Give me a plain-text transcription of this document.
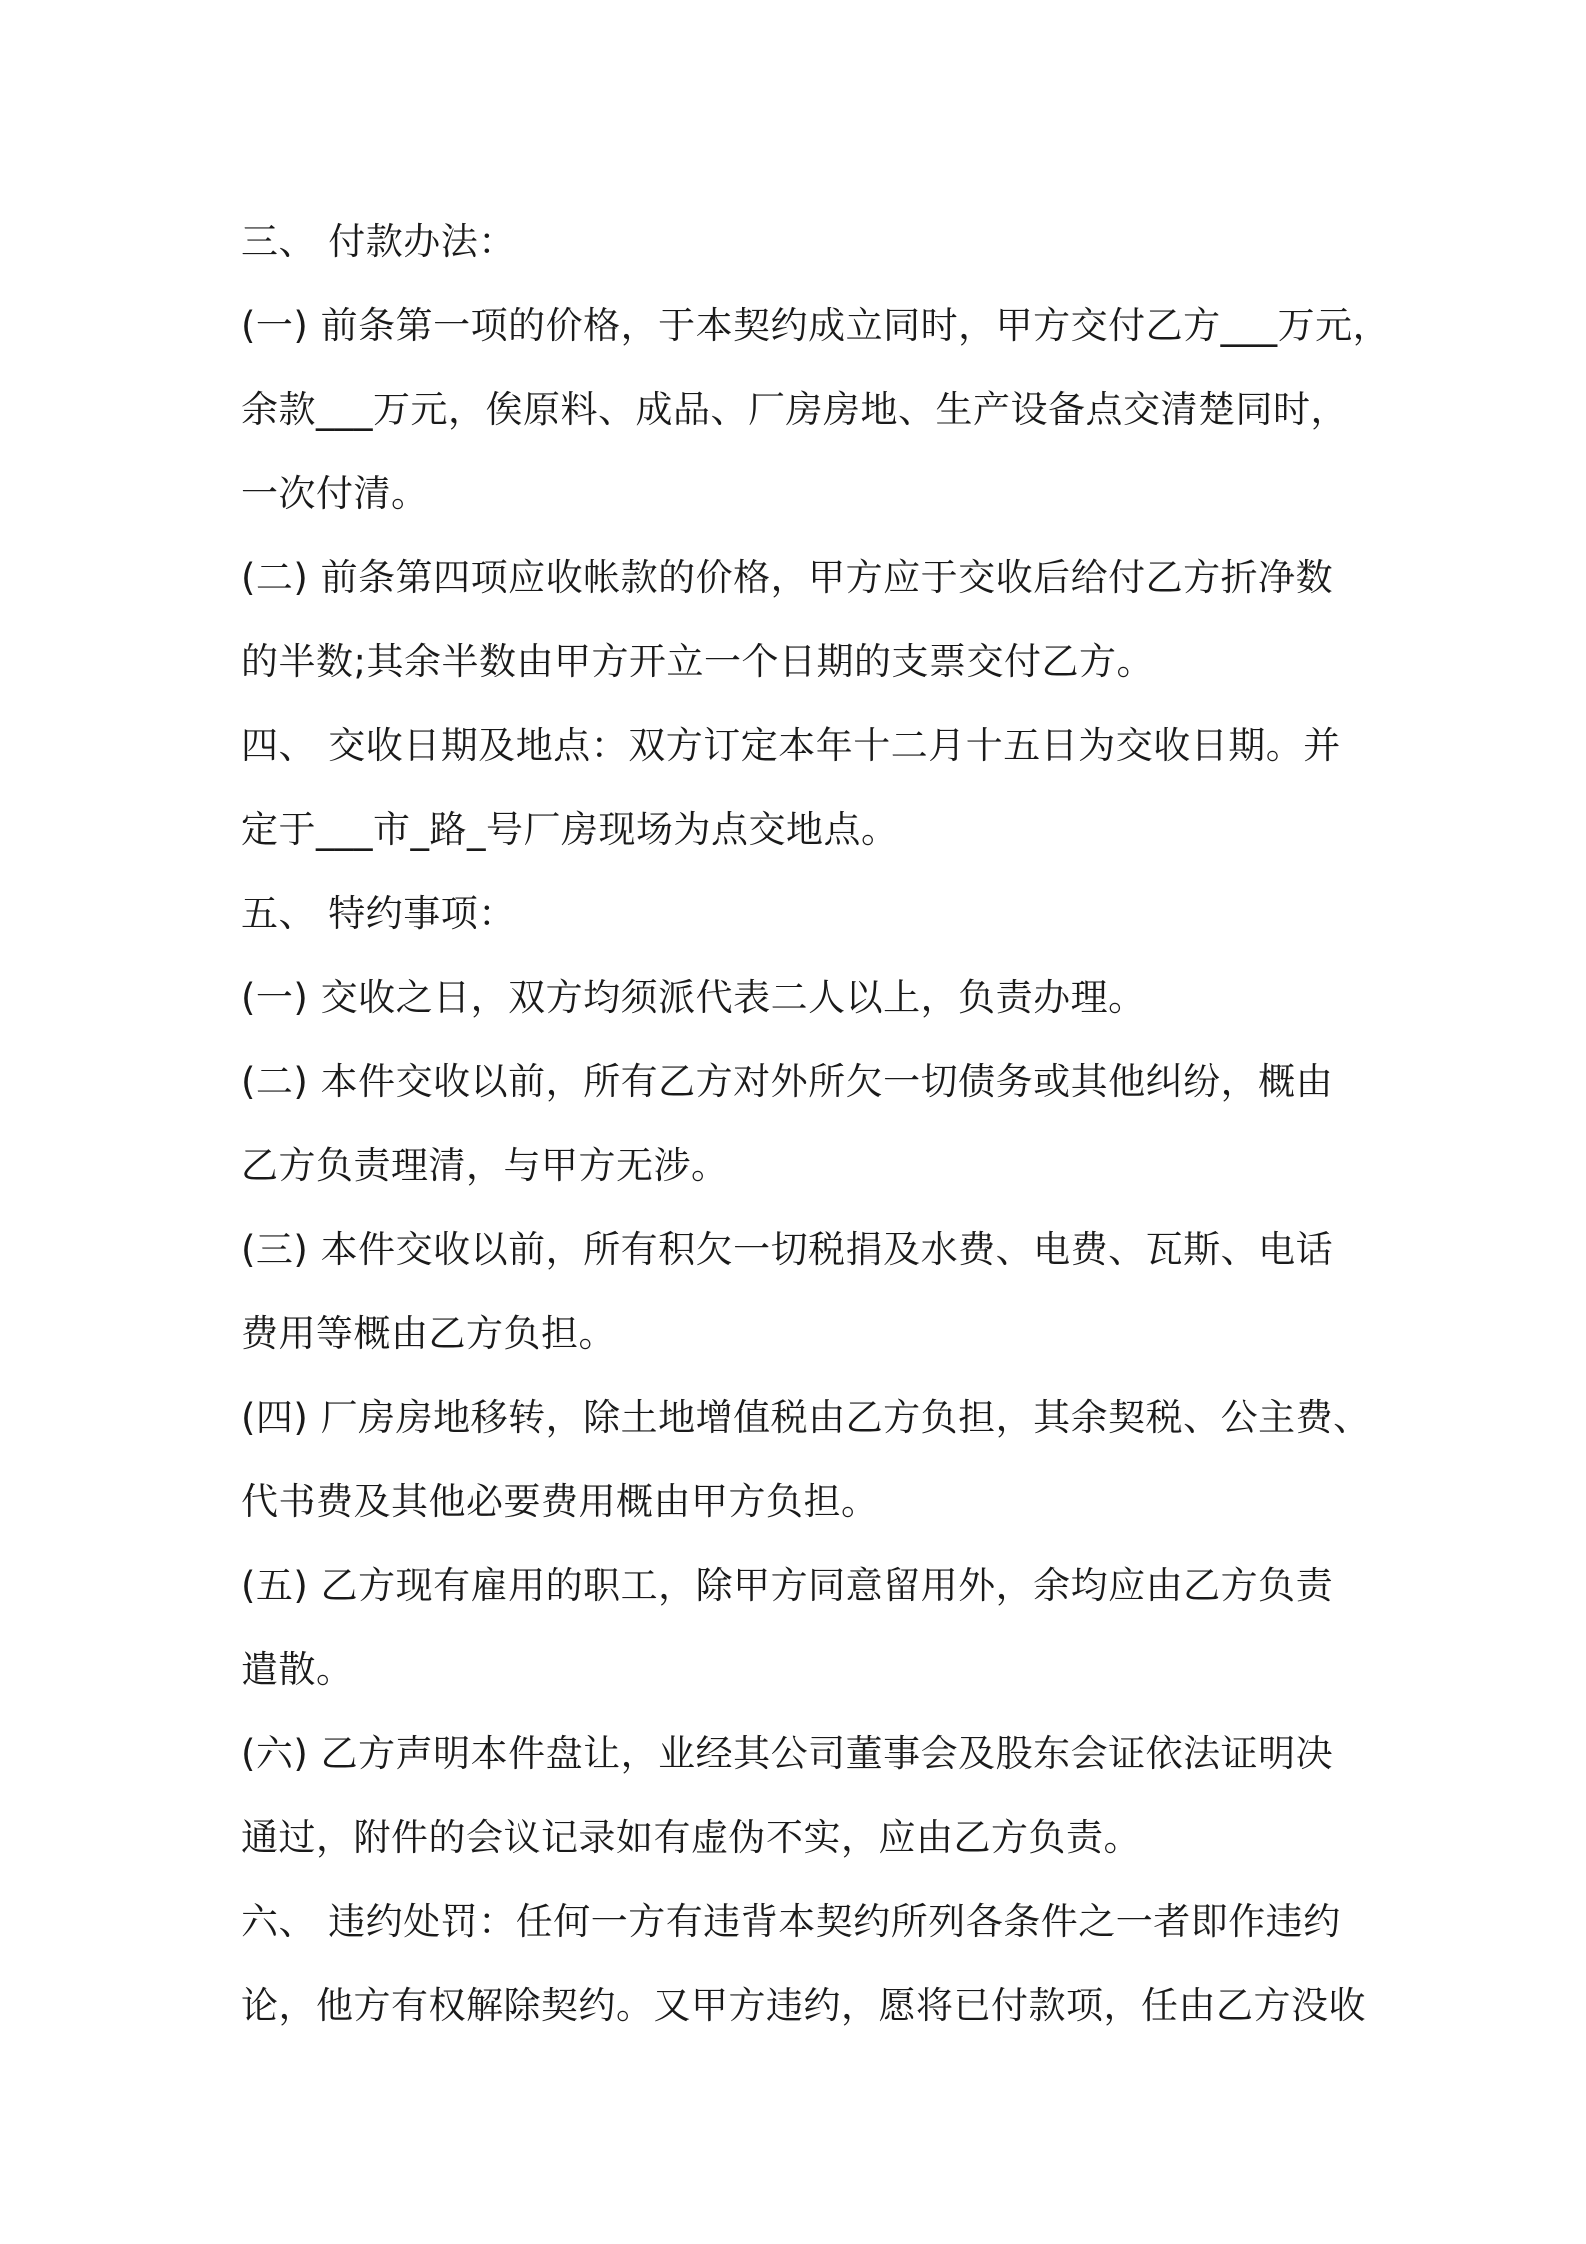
三、 付款办法：
(一) 前条第一项的价格，于本契约成立同时，甲方交付乙方___万元，
余款___万元，俟原料、成品、厂房房地、生产设备点交清楚同时，
一次付清。
(二) 前条第四项应收帐款的价格，甲方应于交收后给付乙方折净数
的半数;其余半数由甲方开立一个日期的支票交付乙方。
四、 交收日期及地点：双方订定本年十二月十五日为交收日期。并
定于___市_路_号厂房现场为点交地点。
五、 特约事项：
(一) 交收之日，双方均须派代表二人以上，负责办理。
(二) 本件交收以前，所有乙方对外所欠一切债务或其他纠纷，概由
乙方负责理清，与甲方无涉。
(三) 本件交收以前，所有积欠一切税捐及水费、电费、瓦斯、电话
费用等概由乙方负担。
(四) 厂房房地移转，除土地增值税由乙方负担，其余契税、公主费、
代书费及其他必要费用概由甲方负担。
(五) 乙方现有雇用的职工，除甲方同意留用外，余均应由乙方负责
遣散。
(六) 乙方声明本件盘让，业经其公司董事会及股东会证依法证明决
通过，附件的会议记录如有虚伪不实，应由乙方负责。
六、 违约处罚：任何一方有违背本契约所列各条件之一者即作违约
论，他方有权解除契约。又甲方违约，愿将已付款项，任由乙方没收
